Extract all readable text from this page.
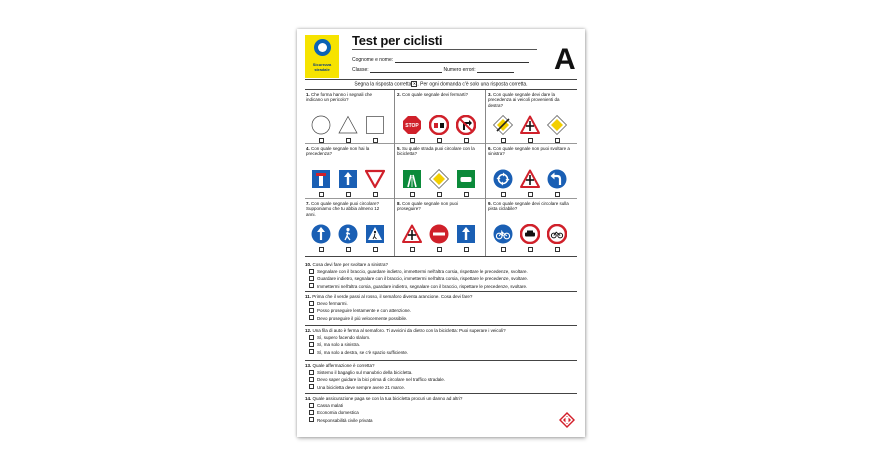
Sicurezza stradale
Test per ciclisti
Cognome e nome:
Classe:	Numero errori:	A
Segna la risposta corretta✕. Per ogni domanda c'è solo una risposta corretta.
1. Che forma hanno i segnali che indicano un pericolo?
2. Con quale segnale devi fermarti?
STOP
3. Con quale segnale devi dare la precedenza ai veicoli provenienti da destra?
4. Con quale segnale non hai la precedenza?
5. Su quale strada puoi circolare con la bicicletta?
6. Con quale segnale non puoi svoltare a sinistra?
7. Con quale segnale puoi circolare? Supponiamo che tu abbia almeno 12 anni.
8. Con quale segnale non puoi proseguire?
9. Con quale segnale devi circolare sulla pista ciclabile?
10. Cosa devi fare per svoltare a sinistra?
Segnalare con il braccio, guardare indietro, immettermi nell'altra corsia, rispettare le precedenze, svoltare.
Guardare indietro, segnalare con il braccio, immettermi nell'altra corsia, rispettare le precedenze, svoltare.
Immettermi nell'altra corsia, guardare indietro, segnalare con il braccio, rispettare le precedenze, svoltare.
11. Prima che il verde passi al rosso, il semaforo diventa arancione. Cosa devi fare?
Devo fermarmi.
Posso proseguire lentamente e con attenzione.
Devo proseguire il più velocemente possibile.
12. Una fila di auto è ferma al semaforo. Ti avvicini da dietro con la bicicletta: Puoi superare i veicoli?
Sì, supero facendo slalom.
Sì, ma solo a sinistra.
Sì, ma solo a destra, se c'è spazio sufficiente.
13. Quale affermazione è corretta?
Sistemo il bagaglio sul manubrio della bicicletta.
Devo saper guidare la bici prima di circolare nel traffico stradale.
Una bicicletta deve sempre avere 21 marce.
14. Quale assicurazione paga se con la tua bicicletta procuri un danno ad altri?
Cassa malati
Economia domestica
Responsabilità civile privata
